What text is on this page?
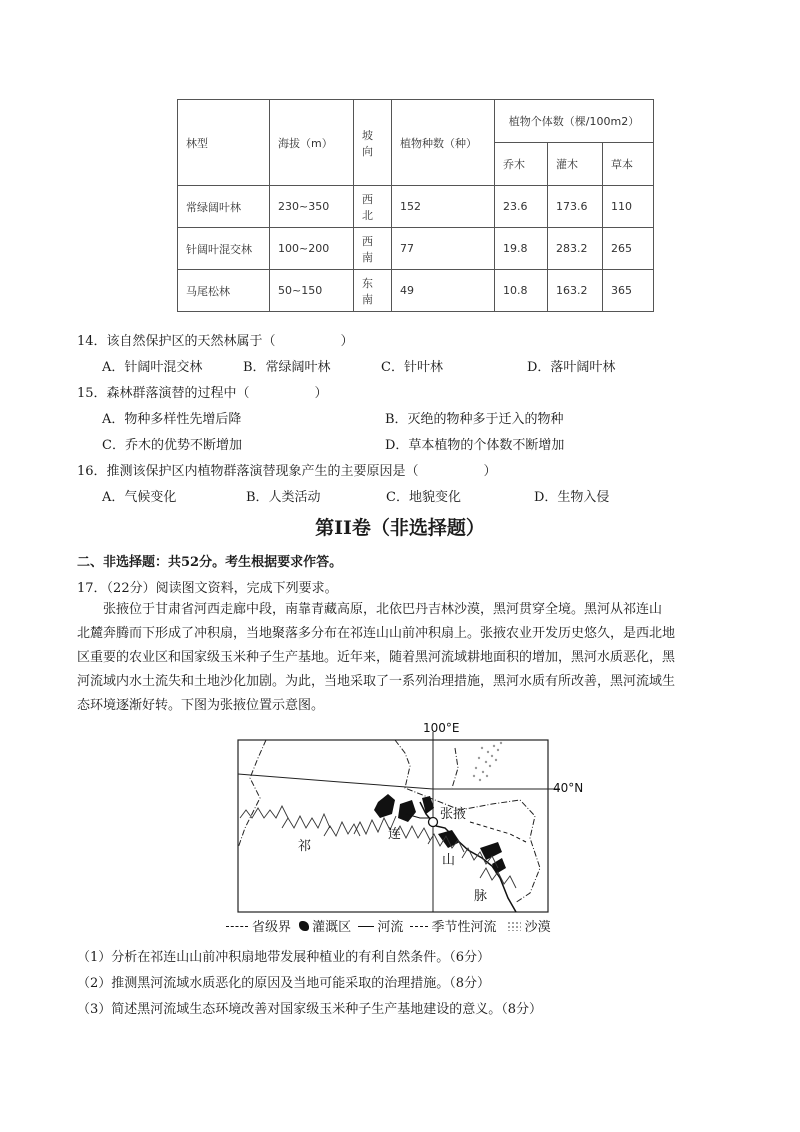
林型	海拔（m）	坡向	植物种数（种）	植物个体数（棵/100m2）		
				乔木	灌木	草本
常绿阔叶林	230~350	西北	152	23.6	173.6	110
针阔叶混交林	100~200	西南	77	19.8	283.2	265
马尾松林	50~150	东南	49	10.8	163.2	365
14．该自然保护区的天然林属于（　　　　　）
A．针阔叶混交林	B．常绿阔叶林	C．针叶林	D．落叶阔叶林
15．森林群落演替的过程中（　　　　　）
A．物种多样性先增后降	B．灭绝的物种多于迁入的物种
C．乔木的优势不断增加	D．草本植物的个体数不断增加
16．推测该保护区内植物群落演替现象产生的主要原因是（　　　　　）
A．气候变化	B．人类活动	C．地貌变化	D．生物入侵
第II卷（非选择题）
二、非选择题：共52分。考生根据要求作答。
17．（22分）阅读图文资料，完成下列要求。
张掖位于甘肃省河西走廊中段，南靠青藏高原，北依巴丹吉林沙漠，黑河贯穿全境。黑河从祁连山
北麓奔腾而下形成了冲积扇，当地聚落多分布在祁连山山前冲积扇上。张掖农业开发历史悠久，是西北地
区重要的农业区和国家级玉米种子生产基地。近年来，随着黑河流域耕地面积的增加，黑河水质恶化，黑
河流域内水土流失和土地沙化加剧。为此，当地采取了一系列治理措施，黑河水质有所改善，黑河流域生
态环境逐渐好转。下图为张掖位置示意图。
100°E
40°N
张掖
祁
连
山
脉
省级界 灌溉区 河流 季节性河流 沙漠
（1）分析在祁连山山前冲积扇地带发展种植业的有利自然条件。（6分）
（2）推测黑河流域水质恶化的原因及当地可能采取的治理措施。（8分）
（3）简述黑河流域生态环境改善对国家级玉米种子生产基地建设的意义。（8分）
